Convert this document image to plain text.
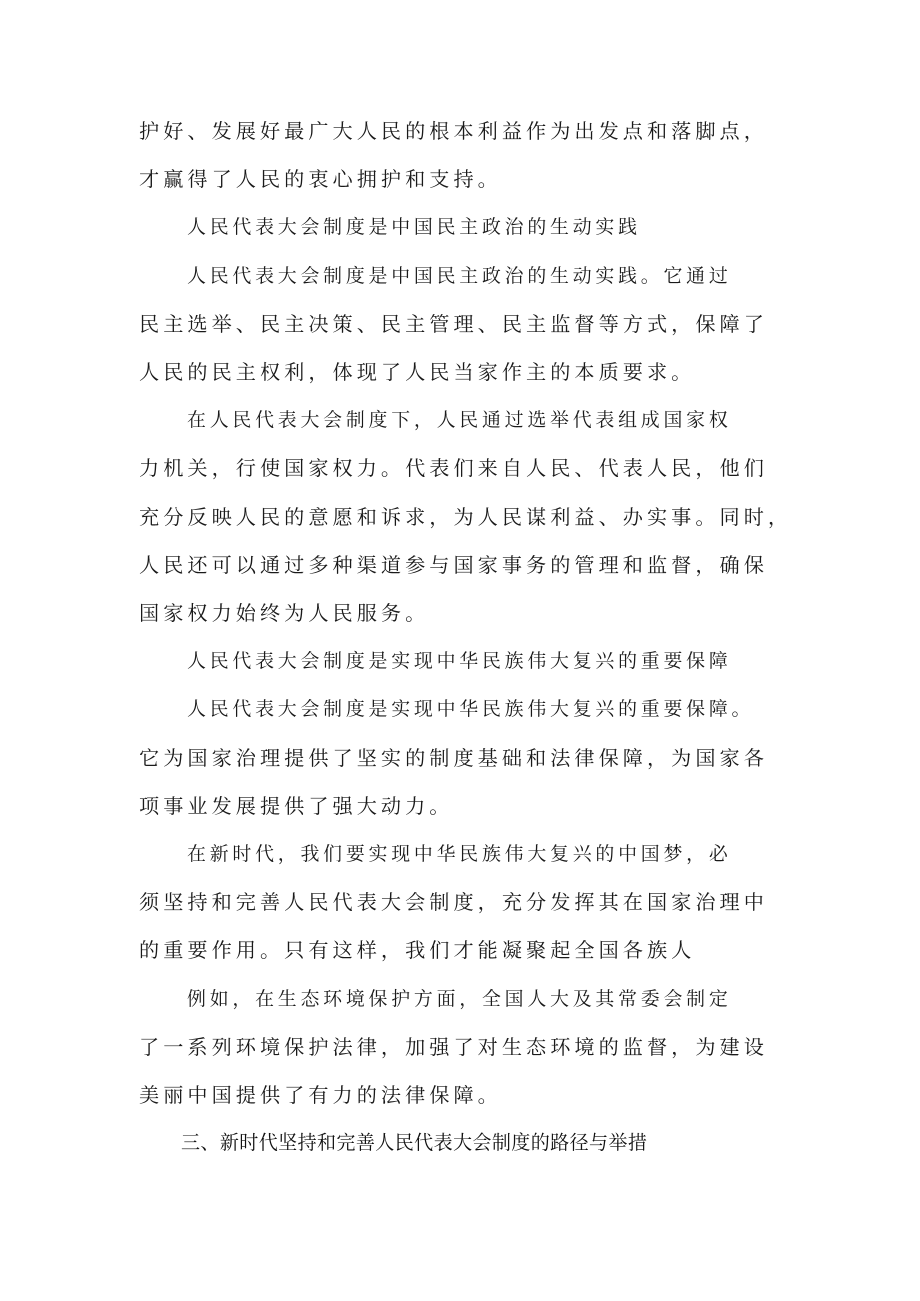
护好、发展好最广大人民的根本利益作为出发点和落脚点，

才赢得了人民的衷心拥护和支持。

人民代表大会制度是中国民主政治的生动实践

人民代表大会制度是中国民主政治的生动实践。它通过

民主选举、民主决策、民主管理、民主监督等方式，保障了

人民的民主权利，体现了人民当家作主的本质要求。

在人民代表大会制度下，人民通过选举代表组成国家权

力机关，行使国家权力。代表们来自人民、代表人民，他们

充分反映人民的意愿和诉求，为人民谋利益、办实事。同时，

人民还可以通过多种渠道参与国家事务的管理和监督，确保

国家权力始终为人民服务。

人民代表大会制度是实现中华民族伟大复兴的重要保障

人民代表大会制度是实现中华民族伟大复兴的重要保障。

它为国家治理提供了坚实的制度基础和法律保障，为国家各

项事业发展提供了强大动力。

在新时代，我们要实现中华民族伟大复兴的中国梦，必

须坚持和完善人民代表大会制度，充分发挥其在国家治理中

的重要作用。只有这样，我们才能凝聚起全国各族人

例如，在生态环境保护方面，全国人大及其常委会制定

了一系列环境保护法律，加强了对生态环境的监督，为建设

美丽中国提供了有力的法律保障。

三、新时代坚持和完善人民代表大会制度的路径与举措
